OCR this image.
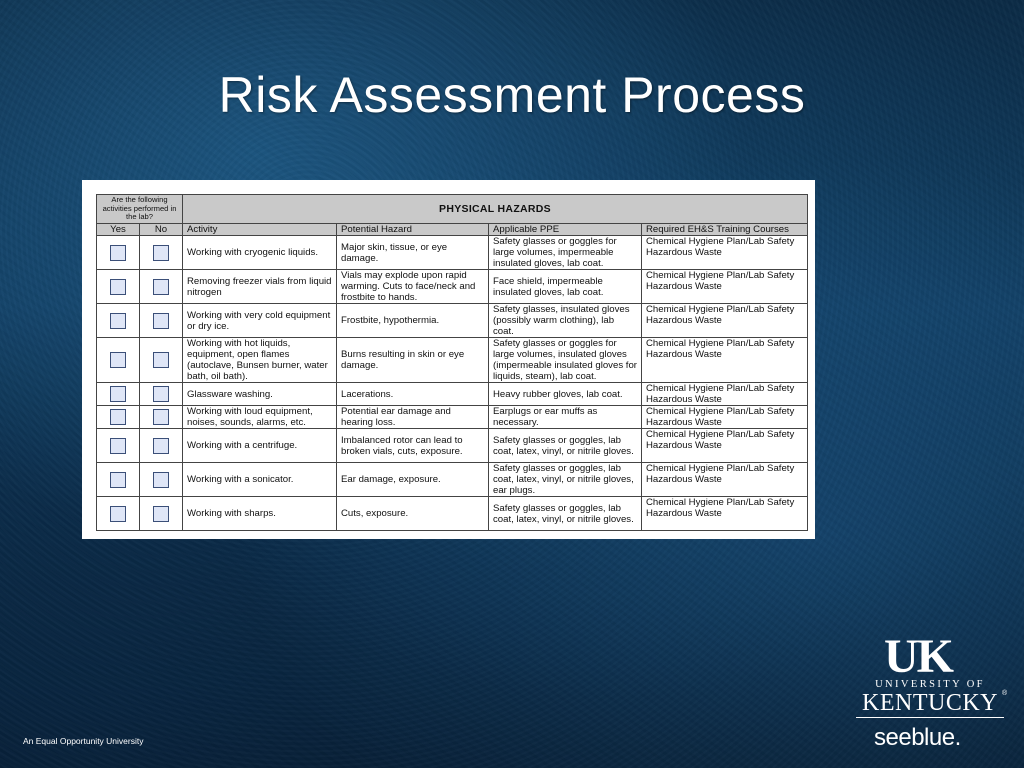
Risk Assessment Process
Are the following activities performed in the lab?		PHYSICAL HAZARDS			
Yes	No	Activity	Potential Hazard	Applicable PPE	Required EH&S Training Courses
		Working with cryogenic liquids.	Major skin, tissue, or eye damage.	Safety glasses or goggles for large volumes, impermeable insulated gloves, lab coat.	Chemical Hygiene Plan/Lab Safety Hazardous Waste
		Removing freezer vials from liquid nitrogen	Vials may explode upon rapid warming. Cuts to face/neck and frostbite to hands.	Face shield, impermeable insulated gloves, lab coat.	Chemical Hygiene Plan/Lab Safety Hazardous Waste
		Working with very cold equipment or dry ice.	Frostbite, hypothermia.	Safety glasses, insulated gloves (possibly warm clothing), lab coat.	Chemical Hygiene Plan/Lab Safety Hazardous Waste
		Working with hot liquids, equipment, open flames (autoclave, Bunsen burner, water bath, oil bath).	Burns resulting in skin or eye damage.	Safety glasses or goggles for large volumes, insulated gloves (impermeable insulated gloves for liquids, steam), lab coat.	Chemical Hygiene Plan/Lab Safety Hazardous Waste
		Glassware washing.	Lacerations.	Heavy rubber gloves, lab coat.	Chemical Hygiene Plan/Lab Safety Hazardous Waste
		Working with loud equipment, noises, sounds, alarms, etc.	Potential ear damage and hearing loss.	Earplugs or ear muffs as necessary.	Chemical Hygiene Plan/Lab Safety Hazardous Waste
		Working with a centrifuge.	Imbalanced rotor can lead to broken vials, cuts, exposure.	Safety glasses or goggles, lab coat, latex, vinyl, or nitrile gloves.	Chemical Hygiene Plan/Lab Safety Hazardous Waste
		Working with a sonicator.	Ear damage, exposure.	Safety glasses or goggles, lab coat, latex, vinyl, or nitrile gloves, ear plugs.	Chemical Hygiene Plan/Lab Safety Hazardous Waste
		Working with sharps.	Cuts, exposure.	Safety glasses or goggles, lab coat, latex, vinyl, or nitrile gloves.	Chemical Hygiene Plan/Lab Safety Hazardous Waste
An Equal Opportunity University
UK
UNIVERSITY OF
KENTUCKY ®
seeblue.
